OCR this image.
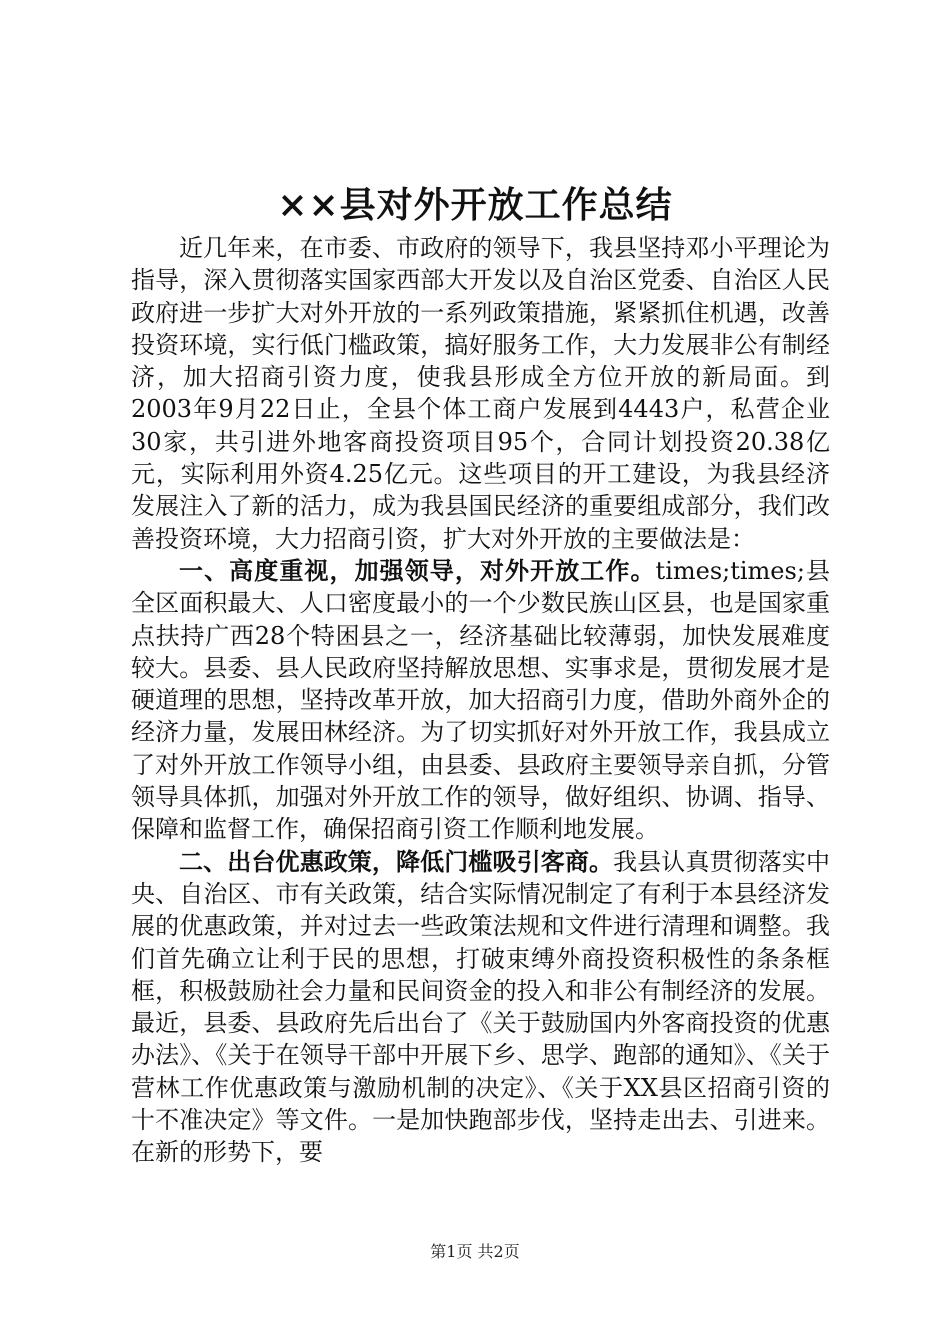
××县对外开放工作总结

近几年来，在市委、市政府的领导下，我县坚持邓小平理论为指导，深入贯彻落实国家西部大开发以及自治区党委、自治区人民政府进一步扩大对外开放的一系列政策措施，紧紧抓住机遇，改善投资环境，实行低门槛政策，搞好服务工作，大力发展非公有制经济，加大招商引资力度，使我县形成全方位开放的新局面。到2003年9月22日止，全县个体工商户发展到4443户，私营企业30家，共引进外地客商投资项目95个，合同计划投资20.38亿元，实际利用外资4.25亿元。这些项目的开工建设，为我县经济发展注入了新的活力，成为我县国民经济的重要组成部分，我们改善投资环境，大力招商引资，扩大对外开放的主要做法是：

一、高度重视，加强领导，对外开放工作。times;times;县全区面积最大、人口密度最小的一个少数民族山区县，也是国家重点扶持广西28个特困县之一，经济基础比较薄弱，加快发展难度较大。县委、县人民政府坚持解放思想、实事求是，贯彻发展才是硬道理的思想，坚持改革开放，加大招商引力度，借助外商外企的经济力量，发展田林经济。为了切实抓好对外开放工作，我县成立了对外开放工作领导小组，由县委、县政府主要领导亲自抓，分管领导具体抓，加强对外开放工作的领导，做好组织、协调、指导、保障和监督工作，确保招商引资工作顺利地发展。

二、出台优惠政策，降低门槛吸引客商。我县认真贯彻落实中央、自治区、市有关政策，结合实际情况制定了有利于本县经济发展的优惠政策，并对过去一些政策法规和文件进行清理和调整。我们首先确立让利于民的思想，打破束缚外商投资积极性的条条框框，积极鼓励社会力量和民间资金的投入和非公有制经济的发展。最近，县委、县政府先后出台了《关于鼓励国内外客商投资的优惠办法》、《关于在领导干部中开展下乡、思学、跑部的通知》、《关于营林工作优惠政策与激励机制的决定》、《关于XX县区招商引资的十不准决定》等文件。一是加快跑部步伐，坚持走出去、引进来。在新的形势下，要

第1页 共2页
